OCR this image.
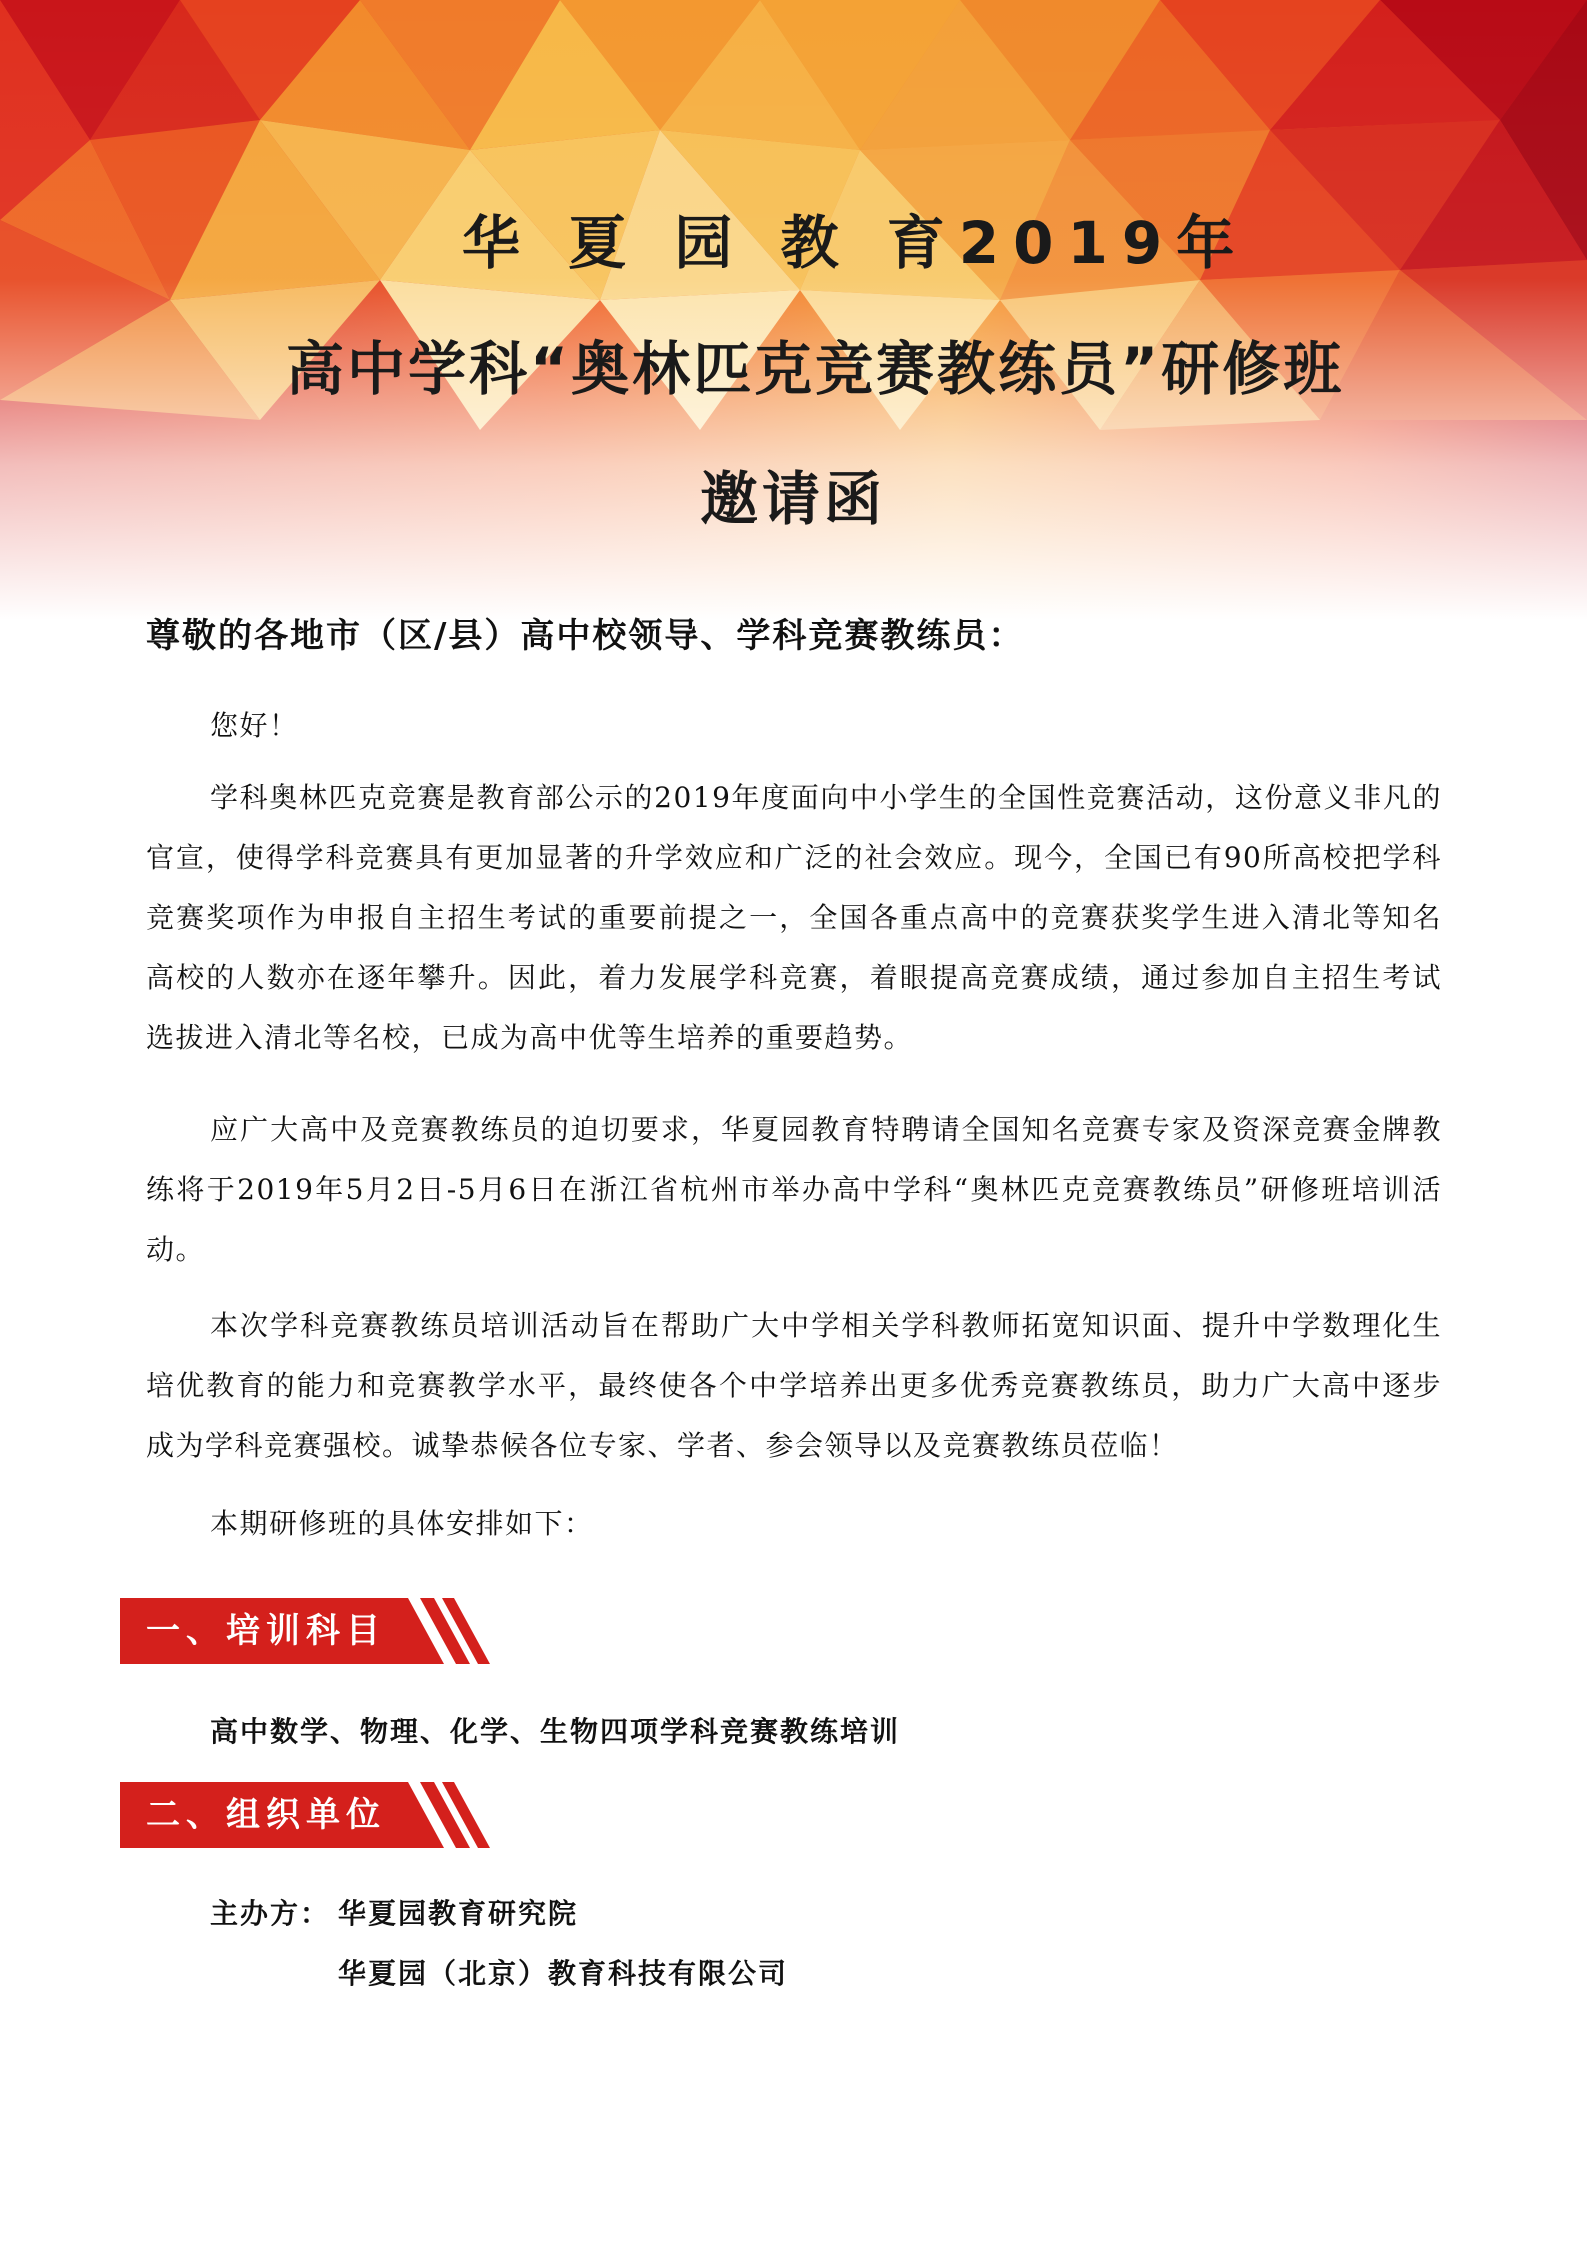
华 夏 园 教 育2019年
高中学科“奥林匹克竞赛教练员”研修班
邀请函
尊敬的各地市（区/县）高中校领导、学科竞赛教练员：

您好！

学科奥林匹克竞赛是教育部公示的2019年度面向中小学生的全国性竞赛活动，这份意义非凡的官宣，使得学科竞赛具有更加显著的升学效应和广泛的社会效应。现今，全国已有90所高校把学科竞赛奖项作为申报自主招生考试的重要前提之一，全国各重点高中的竞赛获奖学生进入清北等知名高校的人数亦在逐年攀升。因此，着力发展学科竞赛，着眼提高竞赛成绩，通过参加自主招生考试选拔进入清北等名校，已成为高中优等生培养的重要趋势。

应广大高中及竞赛教练员的迫切要求，华夏园教育特聘请全国知名竞赛专家及资深竞赛金牌教练将于2019年5月2日-5月6日在浙江省杭州市举办高中学科“奥林匹克竞赛教练员”研修班培训活动。

本次学科竞赛教练员培训活动旨在帮助广大中学相关学科教师拓宽知识面、提升中学数理化生培优教育的能力和竞赛教学水平，最终使各个中学培养出更多优秀竞赛教练员，助力广大高中逐步成为学科竞赛强校。诚挚恭候各位专家、学者、参会领导以及竞赛教练员莅临！

本期研修班的具体安排如下：

一、培训科目
高中数学、物理、化学、生物四项学科竞赛教练培训
二、组织单位
主办方： 华夏园教育研究院
华夏园（北京）教育科技有限公司
